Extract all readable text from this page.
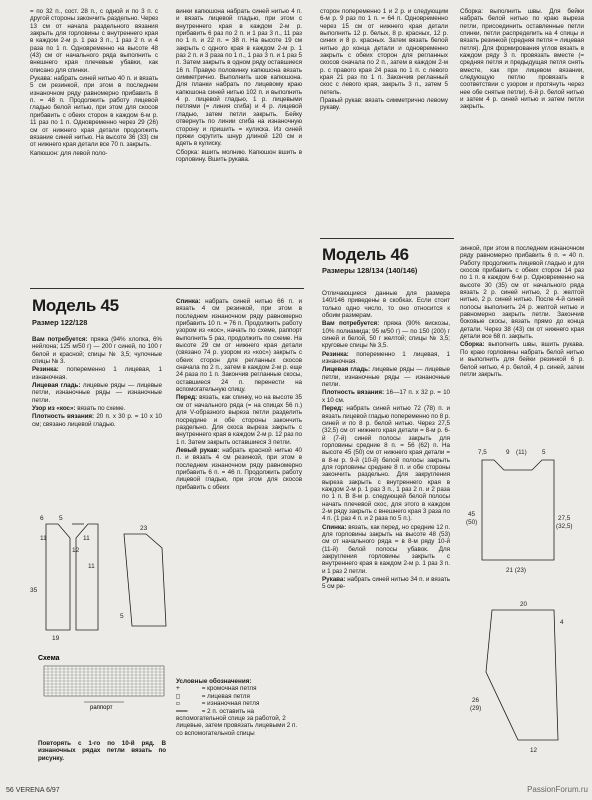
= по 32 п., сост. 28 п., с одной и по 3 п. с другой стороны закончить раздельно. Через 13 см от начала раздельного вязания закрыть для горловины с внутреннего края в каждом 2-м р. 1 раз 3 п., 1 раз 2 п. и 4 раза по 1 п. Одновременно на высоте 48 (43) см от начального ряда выполнить с внешнего края плечевые убавки, как описано для спинки.

Рукава: набрать синей нитью 40 п. и вязать 5 см резинкой, при этом в последнем изнаночном ряду равномерно прибавить 8 п. = 48 п. Продолжить работу лицевой гладью белой нитью, при этом для скосов прибавить с обеих сторон в каждом 6-м р. 11 раз по 1 п. Одновременно через 29 (26) см от нижнего края детали продолжить вязание синей нитью. На высоте 36 (33) см от нижнего края детали все 70 п. закрыть.

Капюшон: для левой поло-

винки капюшона набрать синей нитью 4 п. и вязать лицевой гладью, при этом с внутреннего края в каждом 2-м р. прибавить 6 раз по 2 п. и 1 раз 3 п., 11 раз по 1 п. и 22 п. = 38 п. На высоте 19 см закрыть с одного края в каждом 2-м р. 1 раз 2 п. и 3 раза по 1 п., 1 раз 3 п. и 1 раз 5 п. Затем закрыть в одном ряду оставшиеся 16 п. Правую половинку капюшона вязать симметрично. Выполнить шов капюшона. Для планки набрать по лицевому краю капюшона синей нитью 102 п. и выполнить 4 р. лицевой гладью, 1 р. лицевыми петлями (= линия сгиба) и 4 р. лицевой гладью, затем петли закрыть. Бейку отвернуть по линии сгиба на изнаночную сторону и пришить = кулиска. Из синей пряжи скрутить шнур длиной 120 см и вдеть в кулиску.

Сборка: вшить молнию. Капюшон вшить в горловину. Вшить рукава.

сторон попеременно 1 и 2 р. и следующим 6-м р. 9 раз по 1 п. = 64 п. Одновременно через 15 см от нижнего края детали выполнить 12 р. белых, 8 р. красных, 12 р. синих и 8 р. красных. Затем вязать белой нитью до конца детали и одновременно закрыть с обеих сторон для регланных скосов сначала по 2 п., затем в каждом 2-м р. с правого края 24 раза по 1 п. с левого края 21 раз по 1 п. Закончив регланный скос с левого края, закрыть 3 п., затем 5 петель.

Правый рукав: вязать симметрично левому рукаву.

Сборка: выполнить швы. Для бейки набрать белой нитью по краю выреза петли, присоединить оставленные петли спинки, петли распределить на 4 спицы и вязать резинкой (средняя петля = лицевая петля). Для формирования углов вязать в каждом ряду 3 п. провязать вместе (= средняя петля и предыдущая петля снять вместе, как при лицевом вязании, следующую петлю провязать в соответствии с узором и протянуть через нее обе снятые петли). 6-й р. белой нитью и затем 4 р. синей нитью и затем петли закрыть.

Модель 45
Размер 122/128

Вам потребуется: пряжа (94% хлопка, 6% нейлона; 125 м/50 г) — 200 г синей, по 100 г белой и красной; спицы № 3,5; чулочные спицы № 3.

Резинка: попеременно 1 лицевая, 1 изнаночная.

Лицевая гладь: лицевые ряды — лицевые петли, изнаночные ряды — изнаночные петли.

Узор из «кос»: вязать по схеме.

Плотность вязания: 20 п. х 30 р. = 10 х 10 см; связано лицевой гладью.

Спинка: набрать синей нитью 66 п. и вязать 4 см резинкой, при этом в последнем изнаночном ряду равномерно прибавить 10 п. = 76 п. Продолжить работу узором из «кос», начать по схеме, раппорт выполнить 5 раз, продолжить по схеме. На высоте 29 см от нижнего края детали (связано 74 р. узором из «кос») закрыть с обеих сторон для регланных скосов сначала по 2 п., затем в каждом 2-м р. еще 24 раза по 1 п. Закончив регланные скосы, оставшиеся 24 п. перенести на вспомогательную спицу.

Перед: вязать, как спинку, но на высоте 35 см от начального ряда (= на спицах 56 п.) для V-образного выреза петли разделить посредине и обе стороны закончить раздельно. Для скоса выреза закрыть с внутреннего края в каждом 2-м р. 12 раз по 1 п. Затем закрыть оставшиеся 3 петли.

Левый рукав: набрать красной нитью 40 п. и вязать 4 см резинкой, при этом в последнем изнаночном ряду равномерно прибавить 6 п. = 46 п. Продолжить работу лицевой гладью, при этом для скосов прибавить с обеих

Модель 46
Размеры 128/134 (140/146)

Отличающиеся данные для размера 140/146 приведены в скобках. Если стоит только одно число, то оно относится к обоим размерам.

Вам потребуется: пряжа (90% вискозы, 10% полиамида; 95 м/50 г) — по 150 (200) г синей и белой, 50 г желтой; спицы № 3,5; круговые спицы № 3,5.

Резинка: попеременно 1 лицевая, 1 изнаночная.

Лицевая гладь: лицевые ряды — лицевые петли, изнаночные ряды — изнаночные петли.

Плотность вязания: 16—17 п. х 32 р. = 10 х 10 см.

Перед: набрать синей нитью 72 (78) п. и вязать лицевой гладью попеременно по 8 р. синей и по 8 р. белой нитью. Через 27,5 (32,5) см от нижнего края детали = 8-м р. 6-й (7-й) синей полосы закрыть для горловины средние 8 п. = 56 (62) п. На высоте 45 (50) см от нижнего края детали = в 8-м р. 9-й (10-й) белой полосы закрыть для горловины средние 8 п. и обе стороны закончить раздельно. Для закругления выреза закрыть с внутреннего края в каждом 2-м р. 1 раз 3 п., 1 раз 2 п. и 2 раза по 1 п. В 8-м р. следующей белой полосы начать плечевой скос, для этого в каждом 2-м ряду закрыть с внешнего края 3 раза по 4 п. (1 раз 4 п. и 2 раза по 5 п.).

Спинка: вязать, как перед, но средние 12 п. для горловины закрыть на высоте 48 (53) см от начального ряда = в 8-м ряду 10-й (11-й) белой полосы убавок. Для закругления горловины закрыть с внутреннего края в каждом 2-м р. 1 раз 3 п. и 1 раз 2 петли.

Рукава: набрать синей нитью 34 п. и вязать 5 см ре-

зинкой, при этом в последнем изнаночном ряду равномерно прибавить 6 п. = 40 п. Работу продолжить лицевой гладью и для скосов прибавить с обеих сторон 14 раз по 1 п. в каждом 6-м р. Одновременно на высоте 30 (35) см от начального ряда вязать 2 р. синей нитью, 2 р. желтой нитью, 2 р. синей нитью. После 4-й синей полосы выполнить 24 р. желтой нитью и равномерно закрыть петли. Закончив боковые скосы, вязать прямо до конца детали. Через 38 (43) см от нижнего края детали все 68 п. закрыть.

Сборка: выполнить швы, вшить рукава. По краю горловины набрать белой нитью и выполнить для бейки резинкой 6 р. белой нитью, 4 р. белой, 4 р. синей, затем петли закрыть.

6 5
11	11
12
35
11
19
23
5
Схема
раппорт

Повторять с 1-го по 10-й ряд. В изнаночных рядах петли вязать по рисунку.

Условные обозначения:
+	= кромочная петля
□	= лицевая петля
▭	= изнаночная петля
═══ = 2 п. оставить на вспомогательной спице за работой, 2 лицевые, затем провязать лицевыми 2 п. со вспомогательной спицы
7,5	9 (11) 5
45
(50)
27,5
(32,5)
21 (23)
20
26
(29)
12
4
56 VERENA 6/97	PassionForum.ru
